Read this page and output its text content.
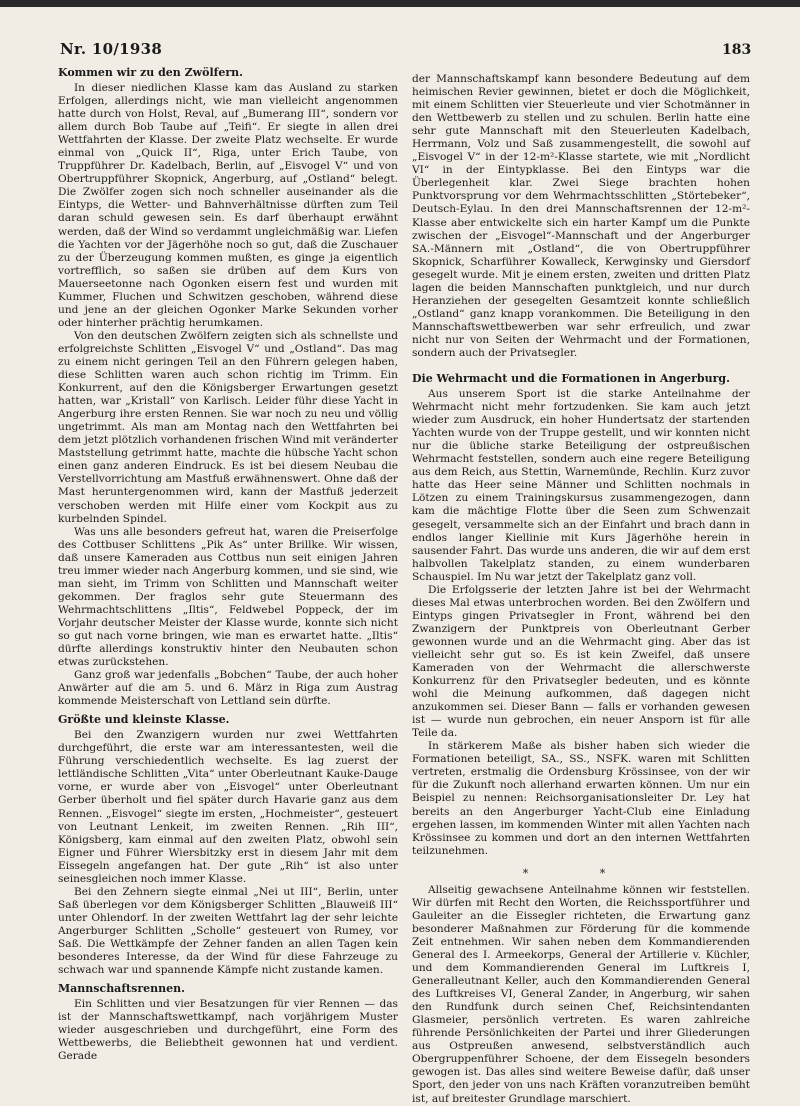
Nr. 10/1938	183
Kommen wir zu den Zwölfern.

In dieser niedlichen Klasse kam das Ausland zu starken Erfolgen, allerdings nicht, wie man vielleicht angenommen hatte durch von Holst, Reval, auf „Bumerang III“, sondern vor allem durch Bob Taube auf „Teifi“. Er siegte in allen drei Wettfahrten der Klasse. Der zweite Platz wechselte. Er wurde einmal von „Quick II“, Riga, unter Erich Taube, von Truppführer Dr. Kadelbach, Berlin, auf „Eisvogel V“ und von Obertruppführer Skopnick, Angerburg, auf „Ostland“ belegt. Die Zwölfer zogen sich noch schneller auseinander als die Eintyps, die Wetter- und Bahnverhältnisse dürften zum Teil daran schuld gewesen sein. Es darf überhaupt erwähnt werden, daß der Wind so verdammt ungleichmäßig war. Liefen die Yachten vor der Jägerhöhe noch so gut, daß die Zuschauer zu der Überzeugung kommen mußten, es ginge ja eigentlich vortrefflich, so saßen sie drüben auf dem Kurs von Mauerseetonne nach Ogonken eisern fest und wurden mit Kummer, Fluchen und Schwitzen geschoben, während diese und jene an der gleichen Ogonker Marke Sekunden vorher oder hinterher prächtig herumkamen.

Von den deutschen Zwölfern zeigten sich als schnellste und erfolgreichste Schlitten „Eisvogel V“ und „Ostland“. Das mag zu einem nicht geringen Teil an den Führern gelegen haben, diese Schlitten waren auch schon richtig im Trimm. Ein Konkurrent, auf den die Königsberger Erwartungen gesetzt hatten, war „Kristall“ von Karlisch. Leider führ diese Yacht in Angerburg ihre ersten Rennen. Sie war noch zu neu und völlig ungetrimmt. Als man am Montag nach den Wettfahrten bei dem jetzt plötzlich vorhandenen frischen Wind mit veränderter Maststellung getrimmt hatte, machte die hübsche Yacht schon einen ganz anderen Eindruck. Es ist bei diesem Neubau die Verstellvorrichtung am Mastfuß erwähnenswert. Ohne daß der Mast heruntergenommen wird, kann der Mastfuß jederzeit verschoben werden mit Hilfe einer vom Kockpit aus zu kurbelnden Spindel.

Was uns alle besonders gefreut hat, waren die Preiserfolge des Cottbuser Schlittens „Pik As“ unter Brillke. Wir wissen, daß unsere Kameraden aus Cottbus nun seit einigen Jahren treu immer wieder nach Angerburg kommen, und sie sind, wie man sieht, im Trimm von Schlitten und Mannschaft weiter gekommen. Der fraglos sehr gute Steuermann des Wehrmachtschlittens „Iltis“, Feldwebel Poppeck, der im Vorjahr deutscher Meister der Klasse wurde, konnte sich nicht so gut nach vorne bringen, wie man es erwartet hatte. „Iltis“ dürfte allerdings konstruktiv hinter den Neubauten schon etwas zurückstehen.

Ganz groß war jedenfalls „Bobchen“ Taube, der auch hoher Anwärter auf die am 5. und 6. März in Riga zum Austrag kommende Meisterschaft von Lettland sein dürfte.

Größte und kleinste Klasse.

Bei den Zwanzigern wurden nur zwei Wettfahrten durchgeführt, die erste war am interessantesten, weil die Führung verschiedentlich wechselte. Es lag zuerst der lettländische Schlitten „Vita“ unter Oberleutnant Kauke-Dauge vorne, er wurde aber von „Eisvogel“ unter Oberleutnant Gerber überholt und fiel später durch Havarie ganz aus dem Rennen. „Eisvogel“ siegte im ersten, „Hochmeister“, gesteuert von Leutnant Lenkeit, im zweiten Rennen. „Rih III“, Königsberg, kam einmal auf den zweiten Platz, obwohl sein Eigner und Führer Wiersbitzky erst in diesem Jahr mit dem Eissegeln angefangen hat. Der gute „Rih“ ist also unter seinesgleichen noch immer Klasse.

Bei den Zehnern siegte einmal „Nei ut III“, Berlin, unter Saß überlegen vor dem Königsberger Schlitten „Blauweiß III“ unter Ohlendorf. In der zweiten Wettfahrt lag der sehr leichte Angerburger Schlitten „Scholle“ gesteuert von Rumey, vor Saß. Die Wettkämpfe der Zehner fanden an allen Tagen kein besonderes Interesse, da der Wind für diese Fahrzeuge zu schwach war und spannende Kämpfe nicht zustande kamen.

Mannschaftsrennen.

Ein Schlitten und vier Besatzungen für vier Rennen — das ist der Mannschaftswettkampf, nach vorjährigem Muster wieder ausgeschrieben und durchgeführt, eine Form des Wettbewerbs, die Beliebtheit gewonnen hat und verdient. Gerade

der Mannschaftskampf kann besondere Bedeutung auf dem heimischen Revier gewinnen, bietet er doch die Möglichkeit, mit einem Schlitten vier Steuerleute und vier Schotmänner in den Wettbewerb zu stellen und zu schulen. Berlin hatte eine sehr gute Mannschaft mit den Steuerleuten Kadelbach, Herrmann, Volz und Saß zusammengestellt, die sowohl auf „Eisvogel V“ in der 12-m²-Klasse startete, wie mit „Nordlicht VI“ in der Eintypklasse. Bei den Eintyps war die Überlegenheit klar. Zwei Siege brachten hohen Punktvorsprung vor dem Wehrmachtsschlitten „Störtebeker“, Deutsch-Eylau. In den drei Mannschaftsrennen der 12-m²-Klasse aber entwickelte sich ein harter Kampf um die Punkte zwischen der „Eisvogel“-Mannschaft und der Angerburger SA.-Männern mit „Ostland“, die von Obertruppführer Skopnick, Scharführer Kowalleck, Kerwginsky und Giersdorf gesegelt wurde. Mit je einem ersten, zweiten und dritten Platz lagen die beiden Mannschaften punktgleich, und nur durch Heranziehen der gesegelten Gesamtzeit konnte schließlich „Ostland“ ganz knapp vorankommen. Die Beteiligung in den Mannschaftswettbewerben war sehr erfreulich, und zwar nicht nur von Seiten der Wehrmacht und der Formationen, sondern auch der Privatsegler.

Die Wehrmacht und die Formationen in Angerburg.

Aus unserem Sport ist die starke Anteilnahme der Wehrmacht nicht mehr fortzudenken. Sie kam auch jetzt wieder zum Ausdruck, ein hoher Hundertsatz der startenden Yachten wurde von der Truppe gestellt, und wir konnten nicht nur die übliche starke Beteiligung der ostpreußischen Wehrmacht feststellen, sondern auch eine regere Beteiligung aus dem Reich, aus Stettin, Warnemünde, Rechlin. Kurz zuvor hatte das Heer seine Männer und Schlitten nochmals in Lötzen zu einem Trainingskursus zusammengezogen, dann kam die mächtige Flotte über die Seen zum Schwenzait gesegelt, versammelte sich an der Einfahrt und brach dann in endlos langer Kiellinie mit Kurs Jägerhöhe herein in sausender Fahrt. Das wurde uns anderen, die wir auf dem erst halbvollen Takelplatz standen, zu einem wunderbaren Schauspiel. Im Nu war jetzt der Takelplatz ganz voll.

Die Erfolgsserie der letzten Jahre ist bei der Wehrmacht dieses Mal etwas unterbrochen worden. Bei den Zwölfern und Eintyps gingen Privatsegler in Front, während bei den Zwanzigern der Punktpreis von Oberleutnant Gerber gewonnen wurde und an die Wehrmacht ging. Aber das ist vielleicht sehr gut so. Es ist kein Zweifel, daß unsere Kameraden von der Wehrmacht die allerschwerste Konkurrenz für den Privatsegler bedeuten, und es könnte wohl die Meinung aufkommen, daß dagegen nicht anzukommen sei. Dieser Bann — falls er vorhanden gewesen ist — wurde nun gebrochen, ein neuer Ansporn ist für alle Teile da.

In stärkerem Maße als bisher haben sich wieder die Formationen beteiligt, SA., SS., NSFK. waren mit Schlitten vertreten, erstmalig die Ordensburg Krössinsee, von der wir für die Zukunft noch allerhand erwarten können. Um nur ein Beispiel zu nennen: Reichsorganisationsleiter Dr. Ley hat bereits an den Angerburger Yacht-Club eine Einladung ergehen lassen, im kommenden Winter mit allen Yachten nach Krössinsee zu kommen und dort an den internen Wettfahrten teilzunehmen.

* *

Allseitig gewachsene Anteilnahme können wir feststellen. Wir dürfen mit Recht den Worten, die Reichssportführer und Gauleiter an die Eissegler richteten, die Erwartung ganz besonderer Maßnahmen zur Förderung für die kommende Zeit entnehmen. Wir sahen neben dem Kommandierenden General des I. Armeekorps, General der Artillerie v. Küchler, und dem Kommandierenden General im Luftkreis I, Generalleutnant Keller, auch den Kommandierenden General des Luftkreises VI, General Zander, in Angerburg, wir sahen den Rundfunk durch seinen Chef, Reichsintendanten Glasmeier, persönlich vertreten. Es waren zahlreiche führende Persönlichkeiten der Partei und ihrer Gliederungen aus Ostpreußen anwesend, selbstverständlich auch Obergruppenführer Schoene, der dem Eissegeln besonders gewogen ist. Das alles sind weitere Beweise dafür, daß unser Sport, den jeder von uns nach Kräften voranzutreiben bemüht ist, auf breitester Grundlage marschiert.
